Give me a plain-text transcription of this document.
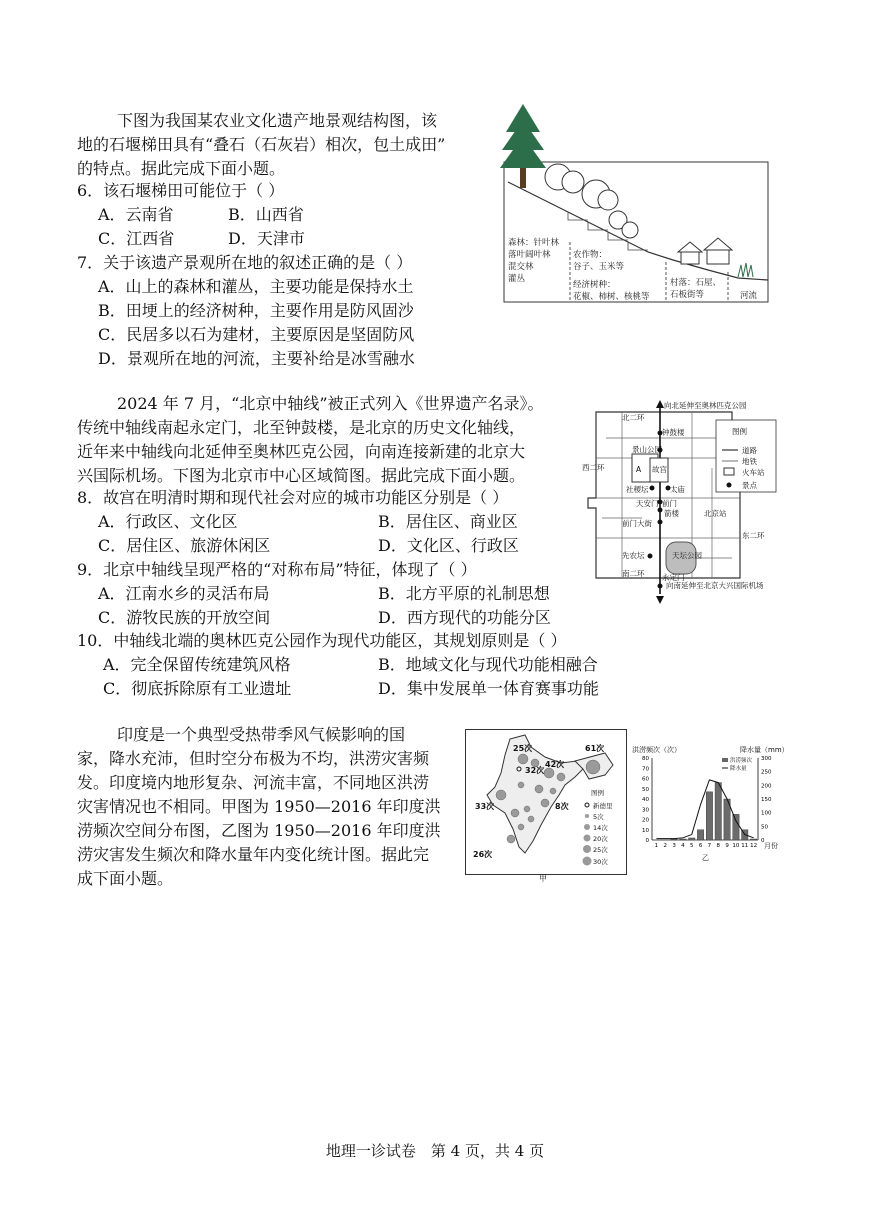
下图为我国某农业文化遗产地景观结构图，该
地的石堰梯田具有“叠石（石灰岩）相次，包土成田”
的特点。据此完成下面小题。
6．该石堰梯田可能位于（ ）
A．云南省	B．山西省
C．江西省	D．天津市
7．关于该遗产景观所在地的叙述正确的是（ ）
A．山上的森林和灌丛，主要功能是保持水土
B．田埂上的经济树种，主要作用是防风固沙
C．民居多以石为建材，主要原因是坚固防风
D．景观所在地的河流，主要补给是冰雪融水
森林：针叶林
落叶阔叶林
混交林
灌丛
农作物：
谷子、玉米等
经济树种：
花椒、柿树、核桃等
村落：石屋、
石板街等	河流
2024 年 7 月，“北京中轴线”被正式列入《世界遗产名录》。
传统中轴线南起永定门，北至钟鼓楼，是北京的历史文化轴线，
近年来中轴线向北延伸至奥林匹克公园，向南连接新建的北京大
兴国际机场。下图为北京市中心区域简图。据此完成下面小题。
8．故宫在明清时期和现代社会对应的城市功能区分别是（ ）
A．行政区、文化区	B．居住区、商业区
C．居住区、旅游休闲区	D．文化区、行政区
9．北京中轴线呈现严格的“对称布局”特征，体现了（ ）
A．江南水乡的灵活布局	B．北方平原的礼制思想
C．游牧民族的开放空间	D．西方现代的功能分区
10．中轴线北端的奥林匹克公园作为现代功能区，其规划原则是（ ）
A．完全保留传统建筑风格	B．地域文化与现代功能相融合
C．彻底拆除原有工业遗址	D．集中发展单一体育赛事功能
图例
道路
地铁
火车站
景点
向北延伸至奥林匹克公园
向南延伸至北京大兴国际机场
北二环
西二环
东二环
南二环
钟鼓楼
景山公园
A 故宫
社稷坛	太庙
天安门 前门
箭楼
前门大街
北京站
先农坛	天坛公园
永定门
印度是一个典型受热带季风气候影响的国
家，降水充沛，但时空分布极为不均，洪涝灾害频
发。印度境内地形复杂、河流丰富，不同地区洪涝
灾害情况也不相同。甲图为 1950—2016 年印度洪
涝频次空间分布图，乙图为 1950—2016 年印度洪
涝灾害发生频次和降水量年内变化统计图。据此完
成下面小题。
25次
32次
42次
61次
33次	8次
26次
图例
新德里
5次
14次
20次
25次
30次
甲
洪涝频次（次）	降水量（mm）
月份
乙
0
10
20
30
40
50
60
70
80
0
50
100
150
200
250
300
1 2 3 4 5 6 7 8 9 10 11 12
洪涝频次
降水量
地理一诊试卷　第 4 页，共 4 页
